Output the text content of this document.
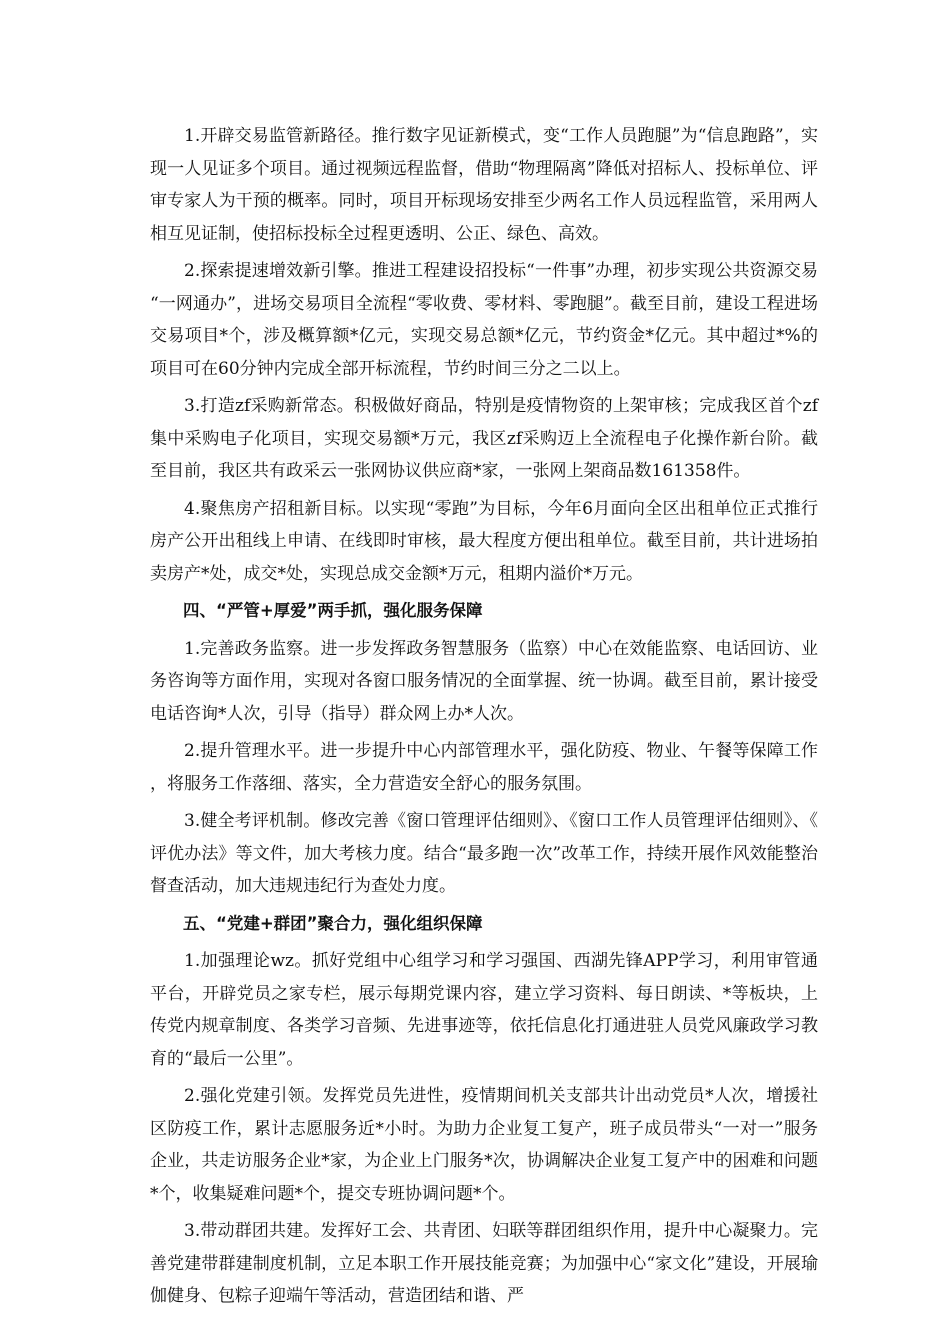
1.开辟交易监管新路径。推行数字见证新模式，变“工作人员跑腿”为“信息跑路”，实现一人见证多个项目。通过视频远程监督，借助“物理隔离”降低对招标人、投标单位、评审专家人为干预的概率。同时，项目开标现场安排至少两名工作人员远程监管，采用两人相互见证制，使招标投标全过程更透明、公正、绿色、高效。

2.探索提速增效新引擎。推进工程建设招投标“一件事”办理，初步实现公共资源交易“一网通办”，进场交易项目全流程“零收费、零材料、零跑腿”。截至目前，建设工程进场交易项目*个，涉及概算额*亿元，实现交易总额*亿元，节约资金*亿元。其中超过*%的项目可在60分钟内完成全部开标流程，节约时间三分之二以上。

3.打造zf采购新常态。积极做好商品，特别是疫情物资的上架审核；完成我区首个zf集中采购电子化项目，实现交易额*万元，我区zf采购迈上全流程电子化操作新台阶。截至目前，我区共有政采云一张网协议供应商*家，一张网上架商品数161358件。

4.聚焦房产招租新目标。以实现“零跑”为目标，今年6月面向全区出租单位正式推行房产公开出租线上申请、在线即时审核，最大程度方便出租单位。截至目前，共计进场拍卖房产*处，成交*处，实现总成交金额*万元，租期内溢价*万元。

四、“严管+厚爱”两手抓，强化服务保障

1.完善政务监察。进一步发挥政务智慧服务（监察）中心在效能监察、电话回访、业务咨询等方面作用，实现对各窗口服务情况的全面掌握、统一协调。截至目前，累计接受电话咨询*人次，引导（指导）群众网上办*人次。

2.提升管理水平。进一步提升中心内部管理水平，强化防疫、物业、午餐等保障工作，将服务工作落细、落实，全力营造安全舒心的服务氛围。

3.健全考评机制。修改完善《窗口管理评估细则》、《窗口工作人员管理评估细则》、《评优办法》等文件，加大考核力度。结合“最多跑一次”改革工作，持续开展作风效能整治督查活动，加大违规违纪行为查处力度。

五、“党建+群团”聚合力，强化组织保障

1.加强理论wz。抓好党组中心组学习和学习强国、西湖先锋APP学习，利用审管通平台，开辟党员之家专栏，展示每期党课内容，建立学习资料、每日朗读、*等板块，上传党内规章制度、各类学习音频、先进事迹等，依托信息化打通进驻人员党风廉政学习教育的“最后一公里”。

2.强化党建引领。发挥党员先进性，疫情期间机关支部共计出动党员*人次，增援社区防疫工作，累计志愿服务近*小时。为助力企业复工复产，班子成员带头“一对一”服务企业，共走访服务企业*家，为企业上门服务*次，协调解决企业复工复产中的困难和问题*个，收集疑难问题*个，提交专班协调问题*个。

3.带动群团共建。发挥好工会、共青团、妇联等群团组织作用，提升中心凝聚力。完善党建带群建制度机制，立足本职工作开展技能竞赛；为加强中心“家文化”建设，开展瑜伽健身、包粽子迎端午等活动，营造团结和谐、严
